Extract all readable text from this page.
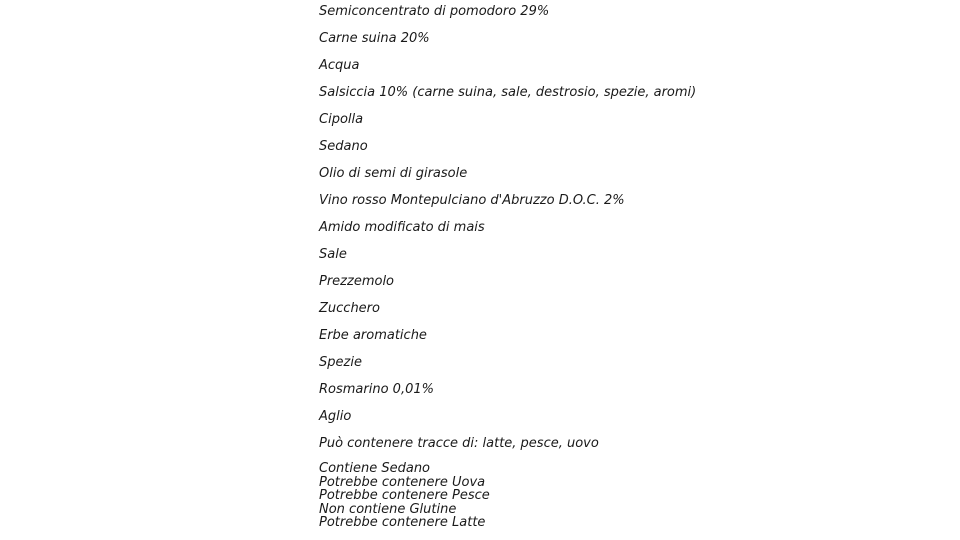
Semiconcentrato di pomodoro 29%
Carne suina 20%
Acqua
Salsiccia 10% (carne suina, sale, destrosio, spezie, aromi)
Cipolla
Sedano
Olio di semi di girasole
Vino rosso Montepulciano d'Abruzzo D.O.C. 2%
Amido modificato di mais
Sale
Prezzemolo
Zucchero
Erbe aromatiche
Spezie
Rosmarino 0,01%
Aglio
Può contenere tracce di: latte, pesce, uovo
Contiene Sedano
Potrebbe contenere Uova
Potrebbe contenere Pesce
Non contiene Glutine
Potrebbe contenere Latte
